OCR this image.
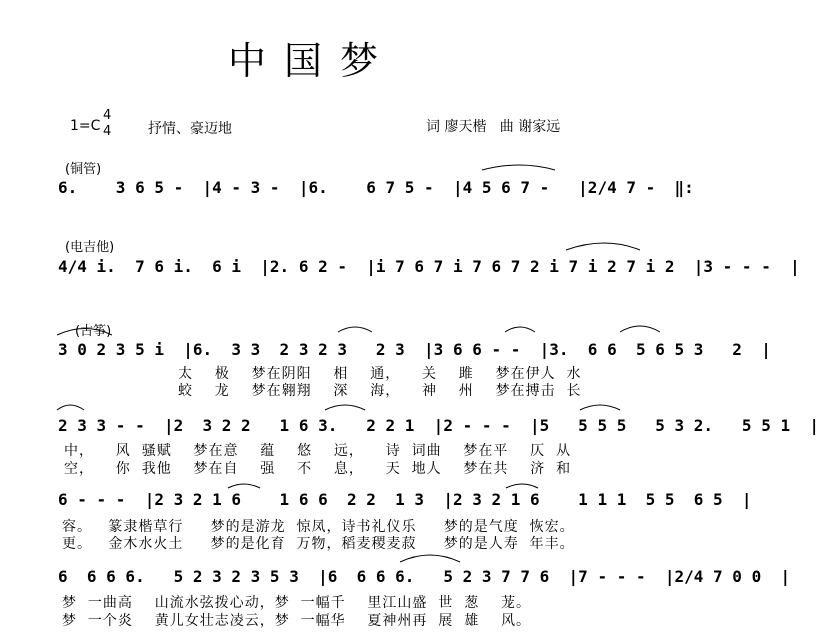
中国梦
1=C
4
4	抒情、豪迈地	词 廖天楷   曲 谢家远
(铜管)
6.    3 6 5 -  |4 - 3 -  |6.    6 7 5 -  |4 5 6 7 -   |2/4 7 -  ‖:
(电吉他)
4/4 i.  7 6 i.  6 i  |2. 6 2 -  |i 7 6 7 i 7 6 7 2 i 7 i 2 7 i 2  |3 - - -  |
(古筝)
3 0 2 3 5 i  |6.  3 3  2 3 2 3   2 3  |3 6 6 - -  |3.  6 6  5 6 5 3   2  |
太    极    梦在阴阳    相    通，    关    雎    梦在伊人  水
蛟    龙    梦在翱翔    深    海，    神    州    梦在搏击  长
2 3 3 - -  |2  3 2 2   1 6 3.   2 2 1  |2 - - -  |5   5 5 5   5 3 2.   5 5 1  |
中，    风  骚赋    梦在意    蕴    悠    远，    诗  词曲    梦在平    仄  从
空，    你  我他    梦在自    强    不    息，    天  地人    梦在共    济  和
6 - - -  |2 3 2 1 6    1 6 6  2 2  1 3  |2 3 2 1 6    1 1 1  5 5  6 5  |
容。   篆隶楷草行     梦的是游龙  惊凤，诗书礼仪乐     梦的是气度  恢宏。
更。   金木水火土     梦的是化育  万物，稻麦稷麦菽     梦的是人寿  年丰。
6  6 6 6.   5 2 3 2 3 5 3  |6  6 6 6.   5 2 3 7 7 6  |7 - - -  |2/4 7 0 0  |
梦  一曲高    山流水弦拨心动，梦  一幅千    里江山盛  世  葱    茏。
梦  一个炎    黄儿女壮志凌云，梦  一幅华    夏神州再  展  雄    风。
